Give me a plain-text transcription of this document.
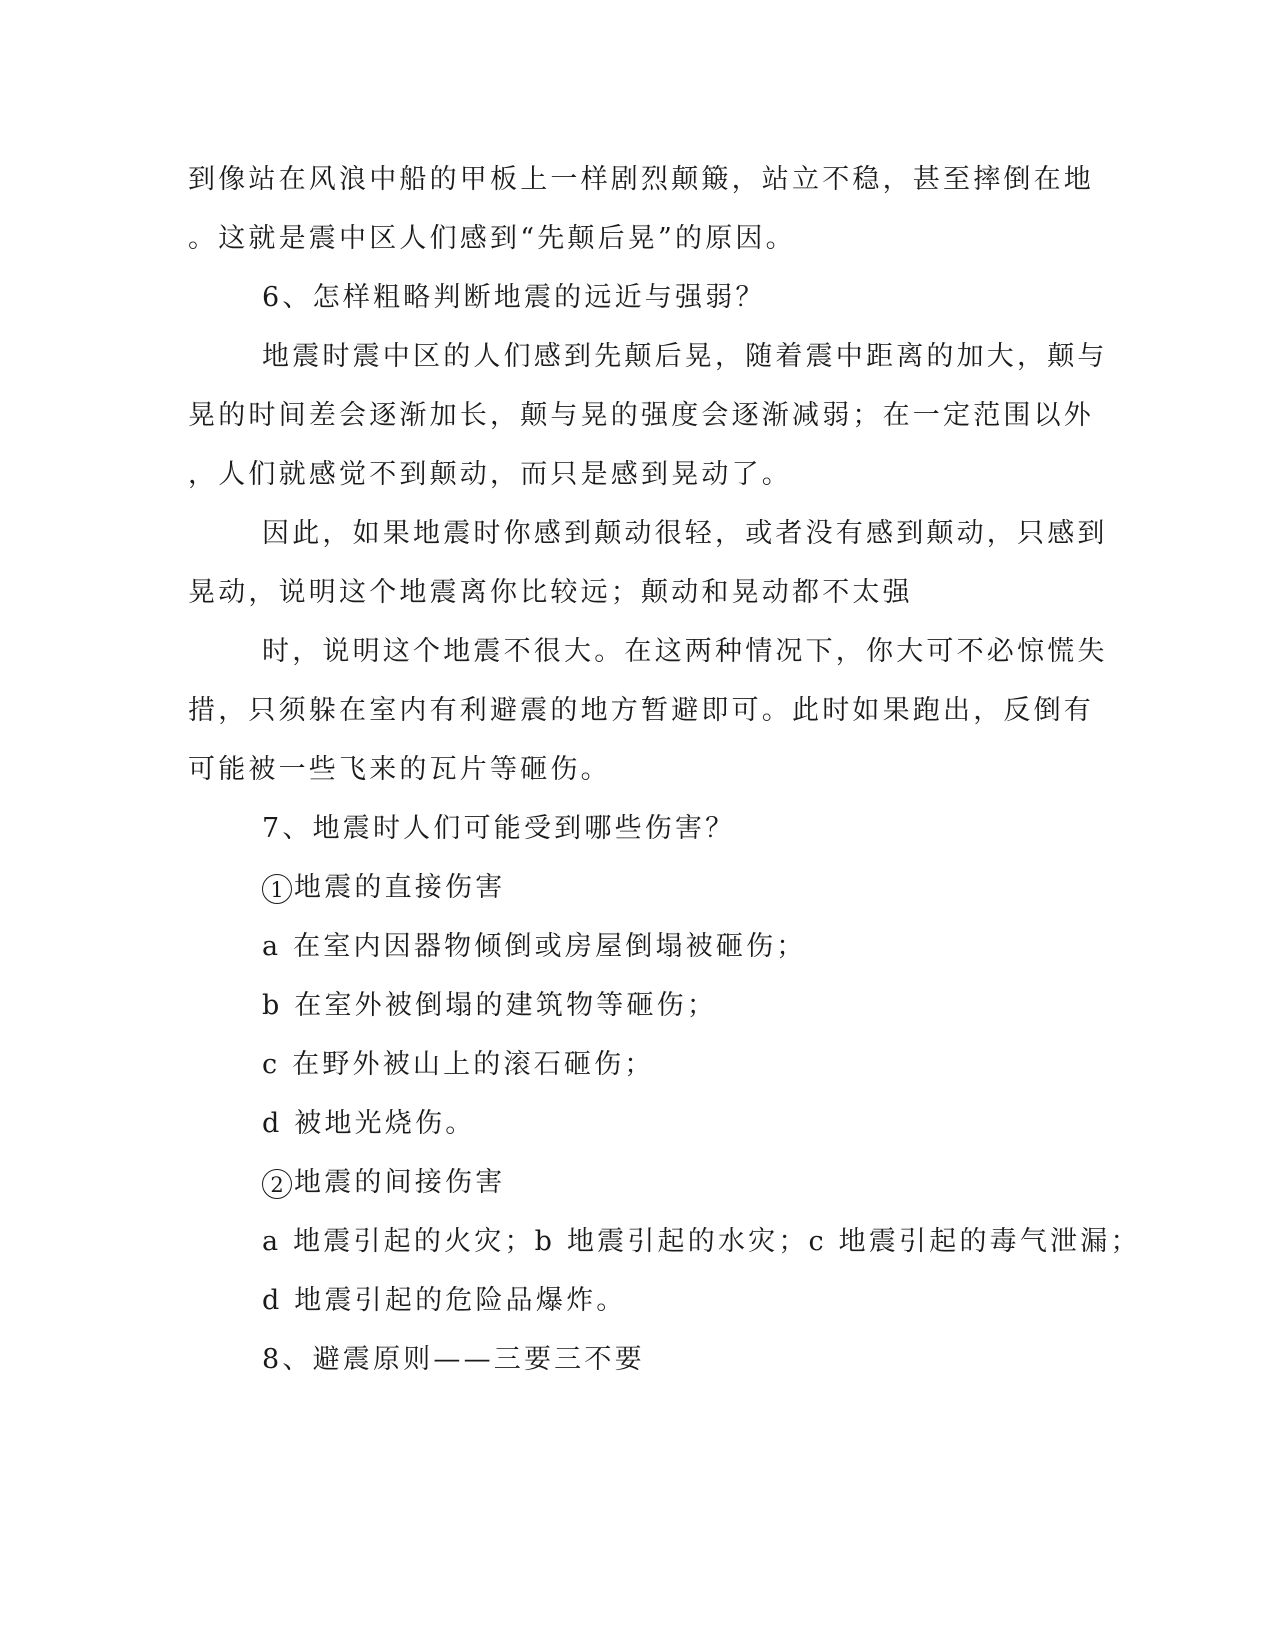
到像站在风浪中船的甲板上一样剧烈颠簸，站立不稳，甚至摔倒在地
。这就是震中区人们感到“先颠后晃”的原因。
6、怎样粗略判断地震的远近与强弱？
地震时震中区的人们感到先颠后晃，随着震中距离的加大，颠与
晃的时间差会逐渐加长，颠与晃的强度会逐渐减弱；在一定范围以外
，人们就感觉不到颠动，而只是感到晃动了。
因此，如果地震时你感到颠动很轻，或者没有感到颠动，只感到
晃动，说明这个地震离你比较远；颠动和晃动都不太强
时，说明这个地震不很大。在这两种情况下，你大可不必惊慌失
措，只须躲在室内有利避震的地方暂避即可。此时如果跑出，反倒有
可能被一些飞来的瓦片等砸伤。
7、地震时人们可能受到哪些伤害？
1 地震的直接伤害
a 在室内因器物倾倒或房屋倒塌被砸伤；
b 在室外被倒塌的建筑物等砸伤；
c 在野外被山上的滚石砸伤；
d 被地光烧伤。
2 地震的间接伤害
a 地震引起的火灾；b 地震引起的水灾；c 地震引起的毒气泄漏；
d 地震引起的危险品爆炸。
8、避震原则——三要三不要
